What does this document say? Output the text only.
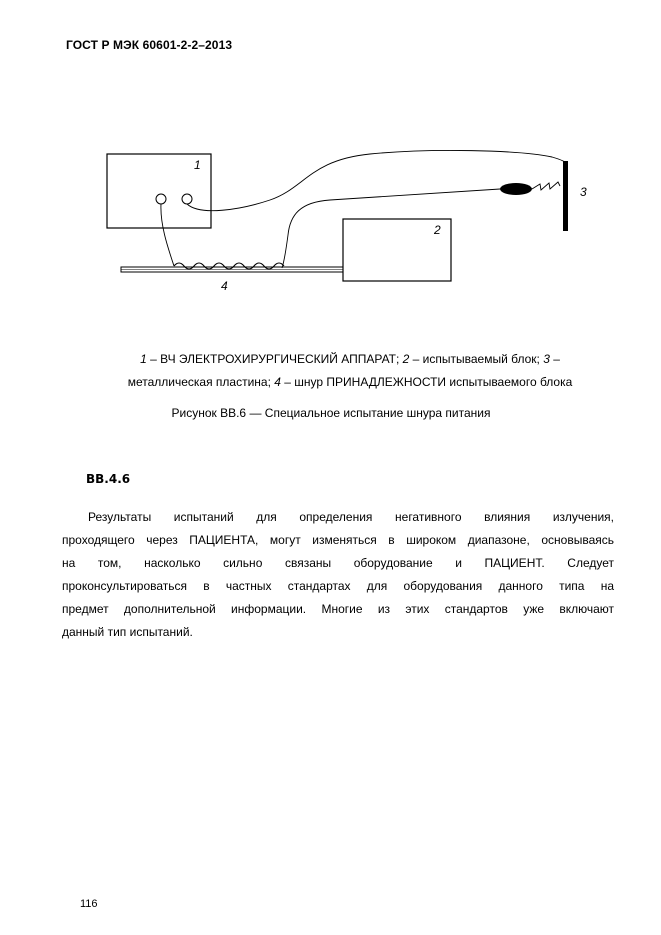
ГОСТ Р МЭК 60601-2-2–2013
1
2
3
4
1 – ВЧ ЭЛЕКТРОХИРУРГИЧЕСКИЙ АППАРАТ; 2 – испытываемый блок; 3 –
металлическая пластина; 4 – шнур ПРИНАДЛЕЖНОСТИ испытываемого блока
Рисунок ВВ.6 — Специальное испытание шнура питания
ВВ.4.6
Результаты испытаний для определения негативного влияния излучения,
проходящего через ПАЦИЕНТА, могут изменяться в широком диапазоне, основываясь
на том, насколько сильно связаны оборудование и ПАЦИЕНТ. Следует
проконсультироваться в частных стандартах для оборудования данного типа на
предмет дополнительной информации. Многие из этих стандартов уже включают
данный тип испытаний.
116
